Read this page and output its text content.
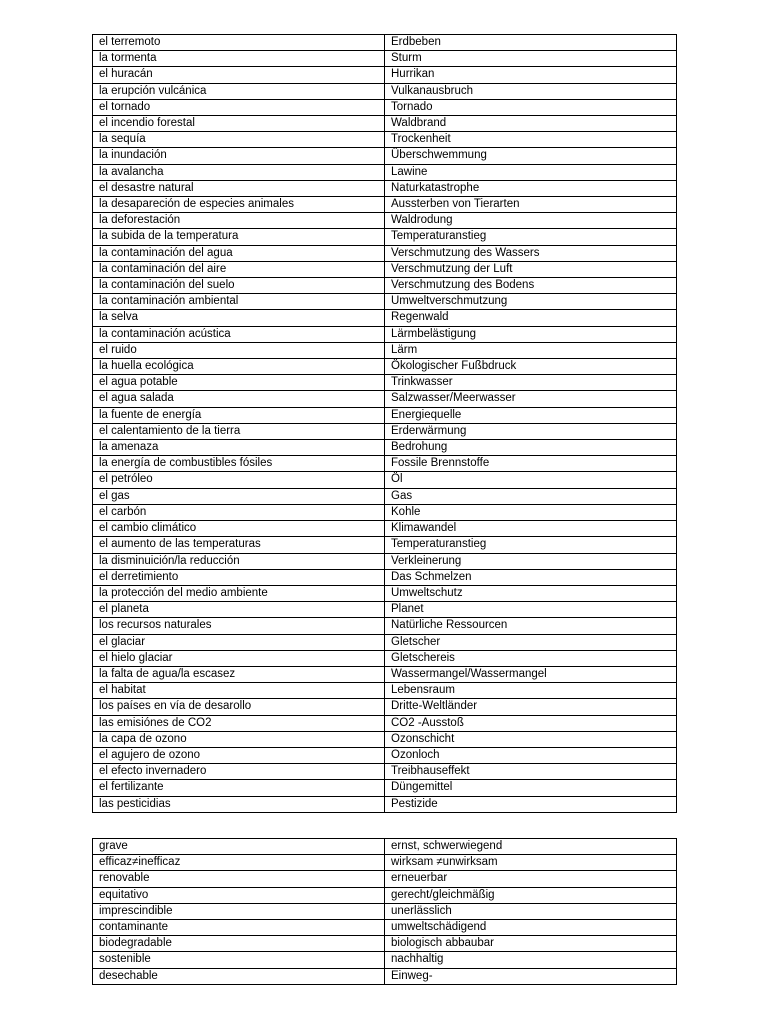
el terremoto	Erdbeben
la tormenta	Sturm
el huracán	Hurrikan
la erupción vulcánica	Vulkanausbruch
el tornado	Tornado
el incendio forestal	Waldbrand
la sequía	Trockenheit
la inundación	Überschwemmung
la avalancha	Lawine
el desastre natural	Naturkatastrophe
la desapareción de especies animales	Aussterben von Tierarten
la deforestación	Waldrodung
la subida de la temperatura	Temperaturanstieg
la contaminación del agua	Verschmutzung des Wassers
la contaminación del aire	Verschmutzung der Luft
la contaminación del suelo	Verschmutzung des Bodens
la contaminación ambiental	Umweltverschmutzung
la selva	Regenwald
la contaminación acústica	Lärmbelästigung
el ruido	Lärm
la huella ecológica	Ökologischer Fußbdruck
el agua potable	Trinkwasser
el agua salada	Salzwasser/Meerwasser
la fuente de energía	Energiequelle
el calentamiento de la tierra	Erderwärmung
la amenaza	Bedrohung
la energía de combustibles fósiles	Fossile Brennstoffe
el petróleo	Öl
el gas	Gas
el carbón	Kohle
el cambio climático	Klimawandel
el aumento de las temperaturas	Temperaturanstieg
la disminuición/la reducción	Verkleinerung
el derretimiento	Das Schmelzen
la protección del medio ambiente	Umweltschutz
el planeta	Planet
los recursos naturales	Natürliche Ressourcen
el glaciar	Gletscher
el hielo glaciar	Gletschereis
la falta de agua/la escasez	Wassermangel/Wassermangel
el habitat	Lebensraum
los países en vía de desarollo	Dritte-Weltländer
las emisiónes de CO2	CO2 -Ausstoß
la capa de ozono	Ozonschicht
el agujero de ozono	Ozonloch
el efecto invernadero	Treibhauseffekt
el fertilizante	Düngemittel
las pesticidias	Pestizide
grave	ernst, schwerwiegend
efficaz≠inefficaz	wirksam ≠unwirksam
renovable	erneuerbar
equitativo	gerecht/gleichmäßig
imprescindible	unerlässlich
contaminante	umweltschädigend
biodegradable	biologisch abbaubar
sostenible	nachhaltig
desechable	Einweg-
